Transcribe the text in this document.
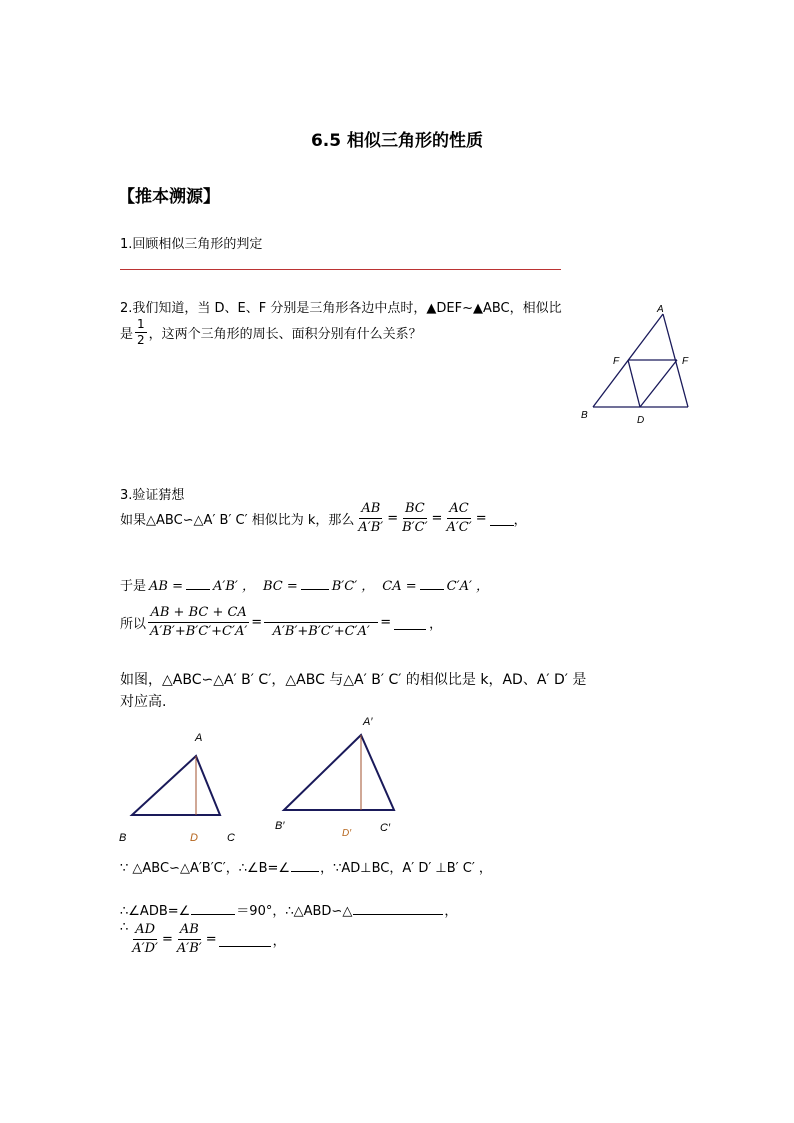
6.5 相似三角形的性质
【推本溯源】
1.回顾相似三角形的判定
2.我们知道，当 D、E、F 分别是三角形各边中点时，▲DEF~▲ABC，相似比
是 $\frac{1}{2}$ ，这两个三角形的周长、面积分别有什么关系？
A
F	F
B	D
3.验证猜想
如果△ABC∽△A′ B′ C′ 相似比为 k，那么 $\frac{AB}{A'B'} = \frac{BC}{B'C'} = \frac{AC}{A'C'}$ = ，
于是 AB = A′B′ ， BC =	B′C′ ， CA = C′A′ ，
所以 $\frac{AB + BC + CA}{A'B'+B'C'+C'A'}$ =
A′B′+B′C′+C′A′
=	，
如图，△ABC∽△A′ B′ C′，△ABC 与△A′ B′ C′ 的相似比是 k，AD、A′ D′ 是
对应高.
A
B	D	C
A′
B′
D′	C′
∵ △ABC∽△A′B′C′，∴∠B=∠ ，∵AD⊥BC，A′ D′ ⊥B′ C′ ，
∴∠ADB=∠	＝90°，∴△ABD∽△	，
∴ $\frac{AD}{A'D'} = \frac{AB}{A'B'}$ =	，
